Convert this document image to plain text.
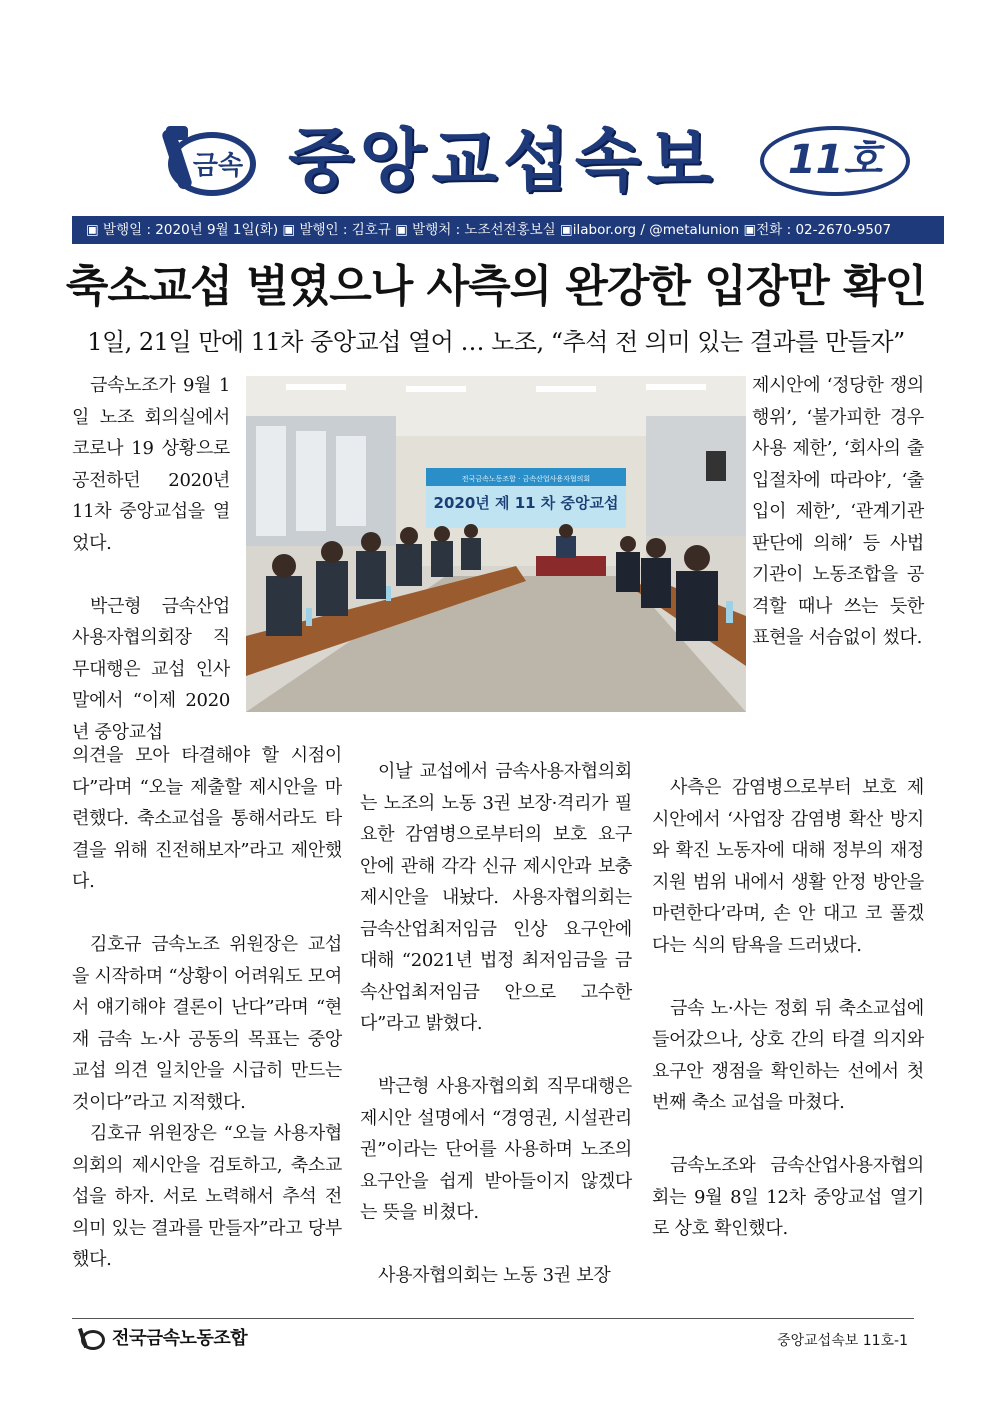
금속 중앙교섭속보	11호
▣ 발행일 : 2020년 9월 1일(화) ▣ 발행인 : 김호규 ▣ 발행처 : 노조선전홍보실 ▣ilabor.org / @metalunion ▣전화 : 02-2670-9507
축소교섭 벌였으나 사측의 완강한 입장만 확인
1일, 21일 만에 11차 중앙교섭 열어 … 노조, “추석 전 의미 있는 결과를 만들자”

금속노조가 9월 1일 노조 회의실에서 코로나 19 상황으로 공전하던 2020년 11차 중앙교섭을 열었다.

박근형 금속산업사용자협의회장 직무대행은 교섭 인사말에서 “이제 2020년 중앙교섭

전국금속노동조합 · 금속산업사용자협의회
2020년 제 11 차 중앙교섭

제시안에 ‘정당한 쟁의행위’, ‘불가피한 경우 사용 제한’, ‘회사의 출입절차에 따라야’, ‘출입이 제한’, ‘관계기관 판단에 의해’ 등 사법기관이 노동조합을 공격할 때나 쓰는 듯한 표현을 서슴없이 썼다.

의견을 모아 타결해야 할 시점이다”라며 “오늘 제출할 제시안을 마련했다. 축소교섭을 통해서라도 타결을 위해 진전해보자”라고 제안했다.

김호규 금속노조 위원장은 교섭을 시작하며 “상황이 어려워도 모여서 얘기해야 결론이 난다”라며 “현재 금속 노·사 공동의 목표는 중앙교섭 의견 일치안을 시급히 만드는 것이다”라고 지적했다.

김호규 위원장은 “오늘 사용자협의회의 제시안을 검토하고, 축소교섭을 하자. 서로 노력해서 추석 전 의미 있는 결과를 만들자”라고 당부했다.

이날 교섭에서 금속사용자협의회는 노조의 노동 3권 보장·격리가 필요한 감염병으로부터의 보호 요구안에 관해 각각 신규 제시안과 보충 제시안을 내놨다. 사용자협의회는 금속산업최저임금 인상 요구안에 대해 “2021년 법정 최저임금을 금속산업최저임금 안으로 고수한다”라고 밝혔다.

박근형 사용자협의회 직무대행은 제시안 설명에서 “경영권, 시설관리권”이라는 단어를 사용하며 노조의 요구안을 쉽게 받아들이지 않겠다는 뜻을 비쳤다.

사용자협의회는 노동 3권 보장

사측은 감염병으로부터 보호 제시안에서 ‘사업장 감염병 확산 방지와 확진 노동자에 대해 정부의 재정 지원 범위 내에서 생활 안정 방안을 마련한다’라며, 손 안 대고 코 풀겠다는 식의 탐욕을 드러냈다.

금속 노·사는 정회 뒤 축소교섭에 들어갔으나, 상호 간의 타결 의지와 요구안 쟁점을 확인하는 선에서 첫 번째 축소 교섭을 마쳤다.

금속노조와 금속산업사용자협의회는 9월 8일 12차 중앙교섭 열기로 상호 확인했다.

전국금속노동조합	중앙교섭속보 11호-1
